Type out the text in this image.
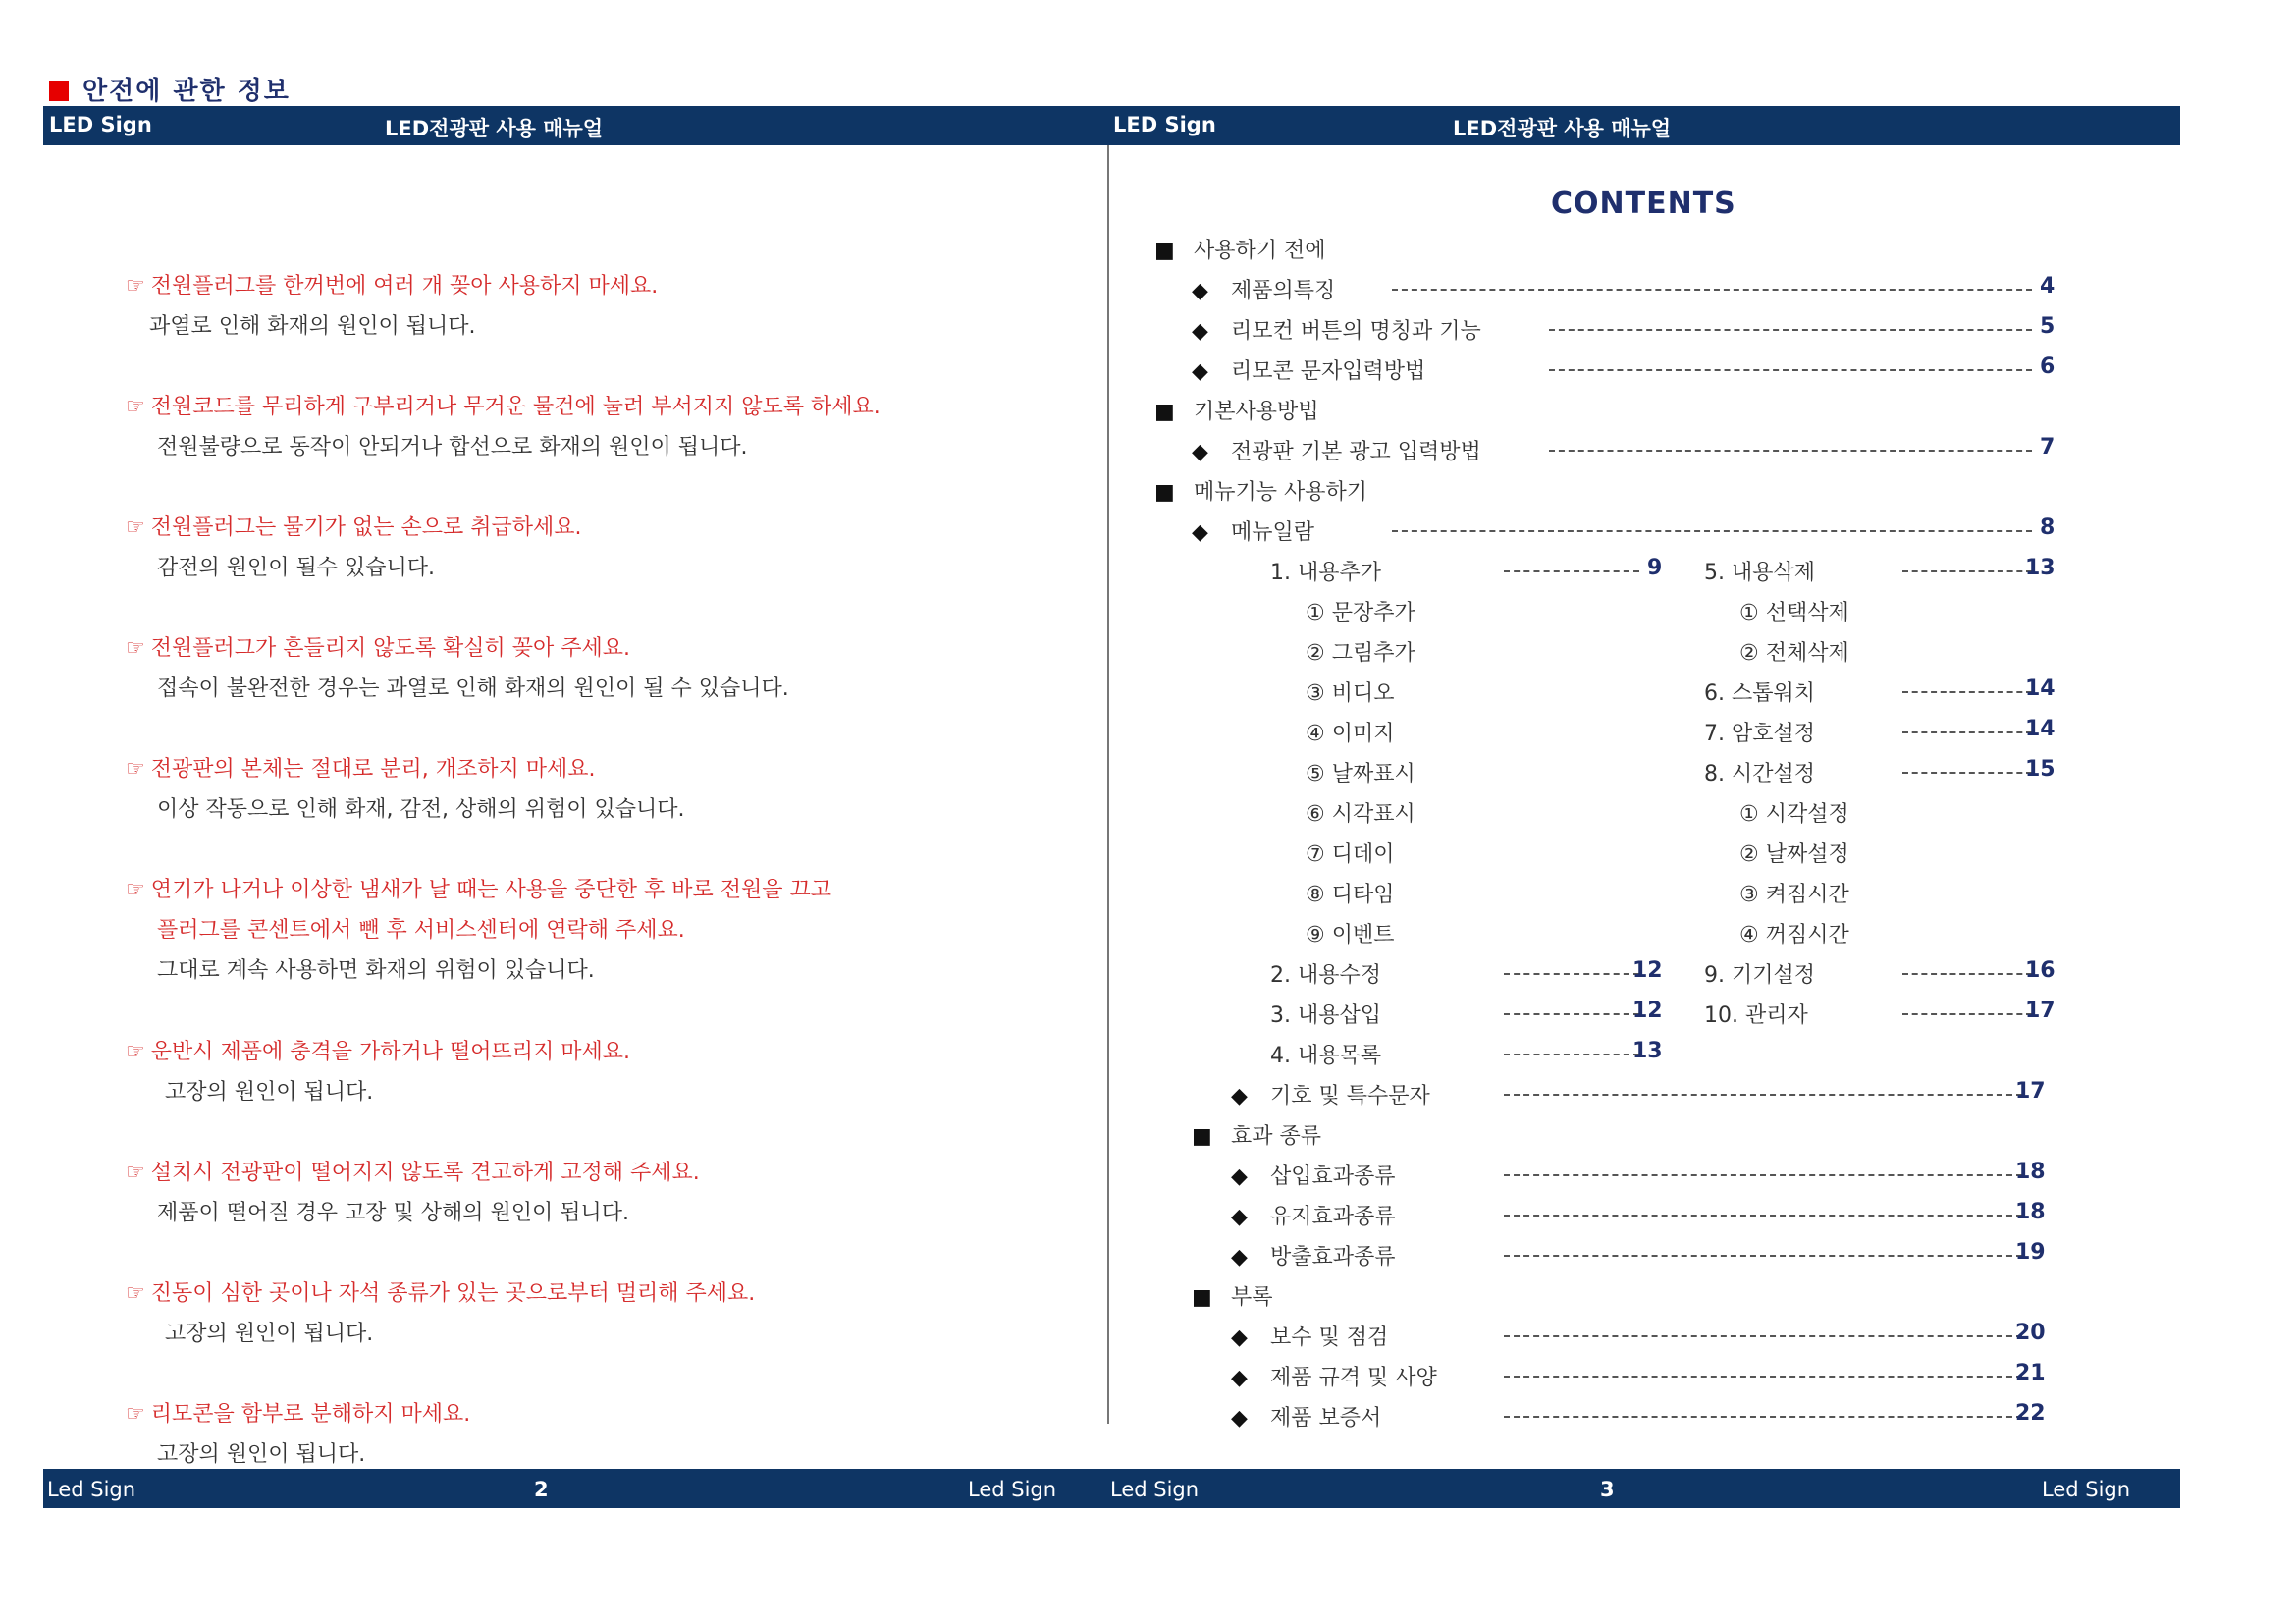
안전에 관한 정보
LED Sign	LED전광판 사용 매뉴얼	LED Sign	LED전광판 사용 매뉴얼
☞ 전원플러그를 한꺼번에 여러 개 꽂아 사용하지 마세요.
과열로 인해 화재의 원인이 됩니다.
☞ 전원코드를 무리하게 구부리거나 무거운 물건에 눌려 부서지지 않도록 하세요.
전원불량으로 동작이 안되거나 합선으로 화재의 원인이 됩니다.
☞ 전원플러그는 물기가 없는 손으로 취급하세요.
감전의 원인이 될수 있습니다.
☞ 전원플러그가 흔들리지 않도록 확실히 꽂아 주세요.
접속이 불완전한 경우는 과열로 인해 화재의 원인이 될 수 있습니다.
☞ 전광판의 본체는 절대로 분리, 개조하지 마세요.
이상 작동으로 인해 화재, 감전, 상해의 위험이 있습니다.
☞ 연기가 나거나 이상한 냄새가 날 때는 사용을 중단한 후 바로 전원을 끄고
플러그를 콘센트에서 뺀 후 서비스센터에 연락해 주세요.
그대로 계속 사용하면 화재의 위험이 있습니다.
☞ 운반시 제품에 충격을 가하거나 떨어뜨리지 마세요.
고장의 원인이 됩니다.
☞ 설치시 전광판이 떨어지지 않도록 견고하게 고정해 주세요.
제품이 떨어질 경우 고장 및 상해의 원인이 됩니다.
☞ 진동이 심한 곳이나 자석 종류가 있는 곳으로부터 멀리해 주세요.
고장의 원인이 됩니다.
☞ 리모콘을 함부로 분해하지 마세요.
고장의 원인이 됩니다.
CONTENTS
■ 사용하기 전에
◆ 제품의특징	4
◆ 리모컨 버튼의 명칭과 기능	5
◆ 리모콘 문자입력방법	6
■ 기본사용방법
◆ 전광판 기본 광고 입력방법	7
■ 메뉴기능 사용하기
◆ 메뉴일람	8
1. 내용추가	9
① 문장추가
② 그림추가
③ 비디오
④ 이미지
⑤ 날짜표시
⑥ 시각표시
⑦ 디데이
⑧ 디타임
⑨ 이벤트
2. 내용수정	12
3. 내용삽입	12
4. 내용목록	13
5. 내용삭제	13
① 선택삭제
② 전체삭제
6. 스톱워치	14
7. 암호설정	14
8. 시간설정	15
① 시각설정
② 날짜설정
③ 켜짐시간
④ 꺼짐시간
9. 기기설정	16
10. 관리자	17
◆ 기호 및 특수문자	17
■ 효과 종류
◆ 삽입효과종류	18
◆ 유지효과종류	18
◆ 방출효과종류	19
■ 부록
◆ 보수 및 점검	20
◆ 제품 규격 및 사양	21
◆ 제품 보증서	22
Led Sign	2	Led Sign	Led Sign	3	Led Sign
